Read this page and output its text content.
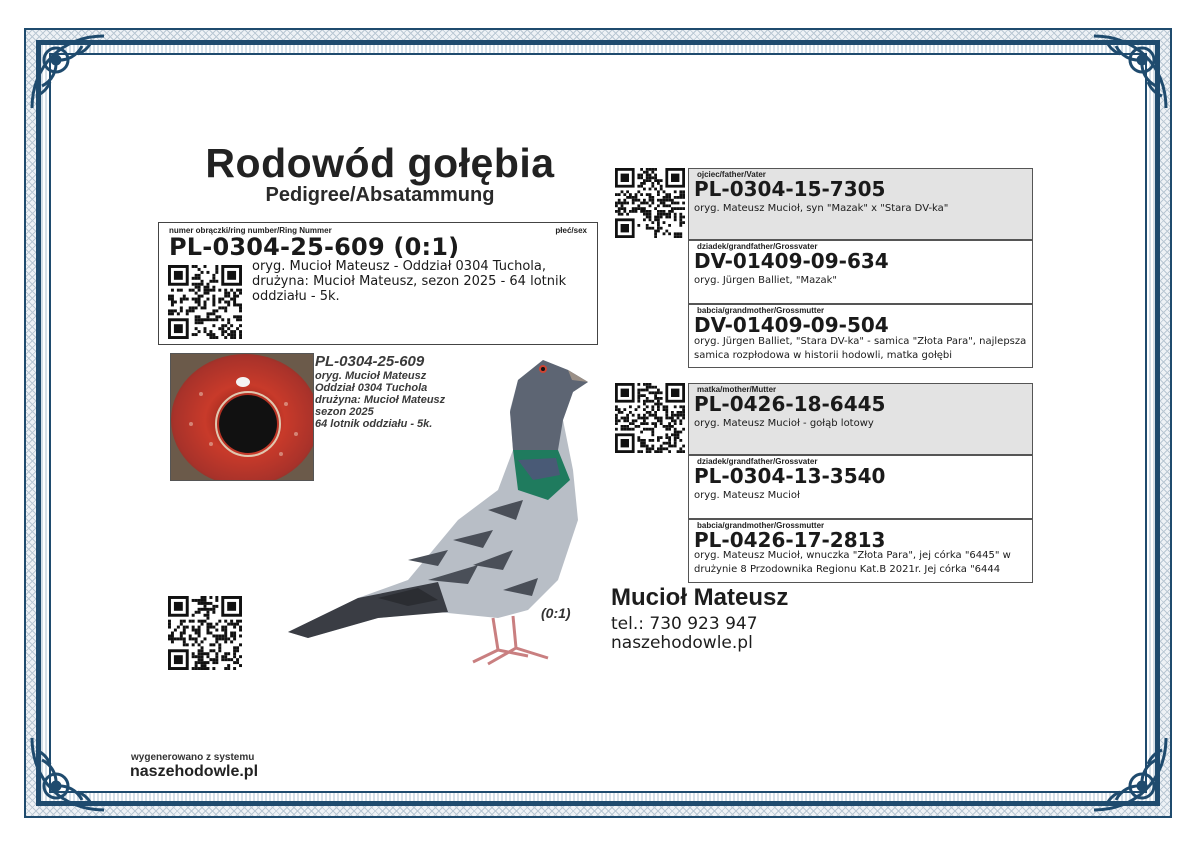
Rodowód gołębia
Pedigree/Absatammung
numer obrączki/ring number/Ring Nummer	płeć/sex
PL-0304-25-609 (0:1)
oryg. Mucioł Mateusz - Oddział 0304 Tuchola, drużyna: Mucioł Mateusz, sezon 2025 - 64 lotnik oddziału - 5k.
PL-0304-25-609
oryg. Mucioł Mateusz
Oddział 0304 Tuchola
drużyna: Mucioł Mateusz
sezon 2025
64 lotnik oddziału - 5k.
(0:1)
ojciec/father/Vater
PL-0304-15-7305
oryg. Mateusz Mucioł, syn "Mazak" x "Stara DV-ka"
dziadek/grandfather/Grossvater
DV-01409-09-634
oryg. Jürgen Balliet, "Mazak"
babcia/grandmother/Grossmutter
DV-01409-09-504
oryg. Jürgen Balliet, "Stara DV-ka" - samica "Złota Para", najlepsza samica rozpłodowa w historii hodowli, matka gołębi
matka/mother/Mutter
PL-0426-18-6445
oryg. Mateusz Mucioł - gołąb lotowy
dziadek/grandfather/Grossvater
PL-0304-13-3540
oryg. Mateusz Mucioł
babcia/grandmother/Grossmutter
PL-0426-17-2813
oryg. Mateusz Mucioł, wnuczka "Złota Para", jej córka "6445" w drużynie 8 Przodownika Regionu Kat.B 2021r. Jej córka "6444
Mucioł Mateusz
tel.: 730 923 947
naszehodowle.pl
wygenerowano z systemu
naszehodowle.pl
